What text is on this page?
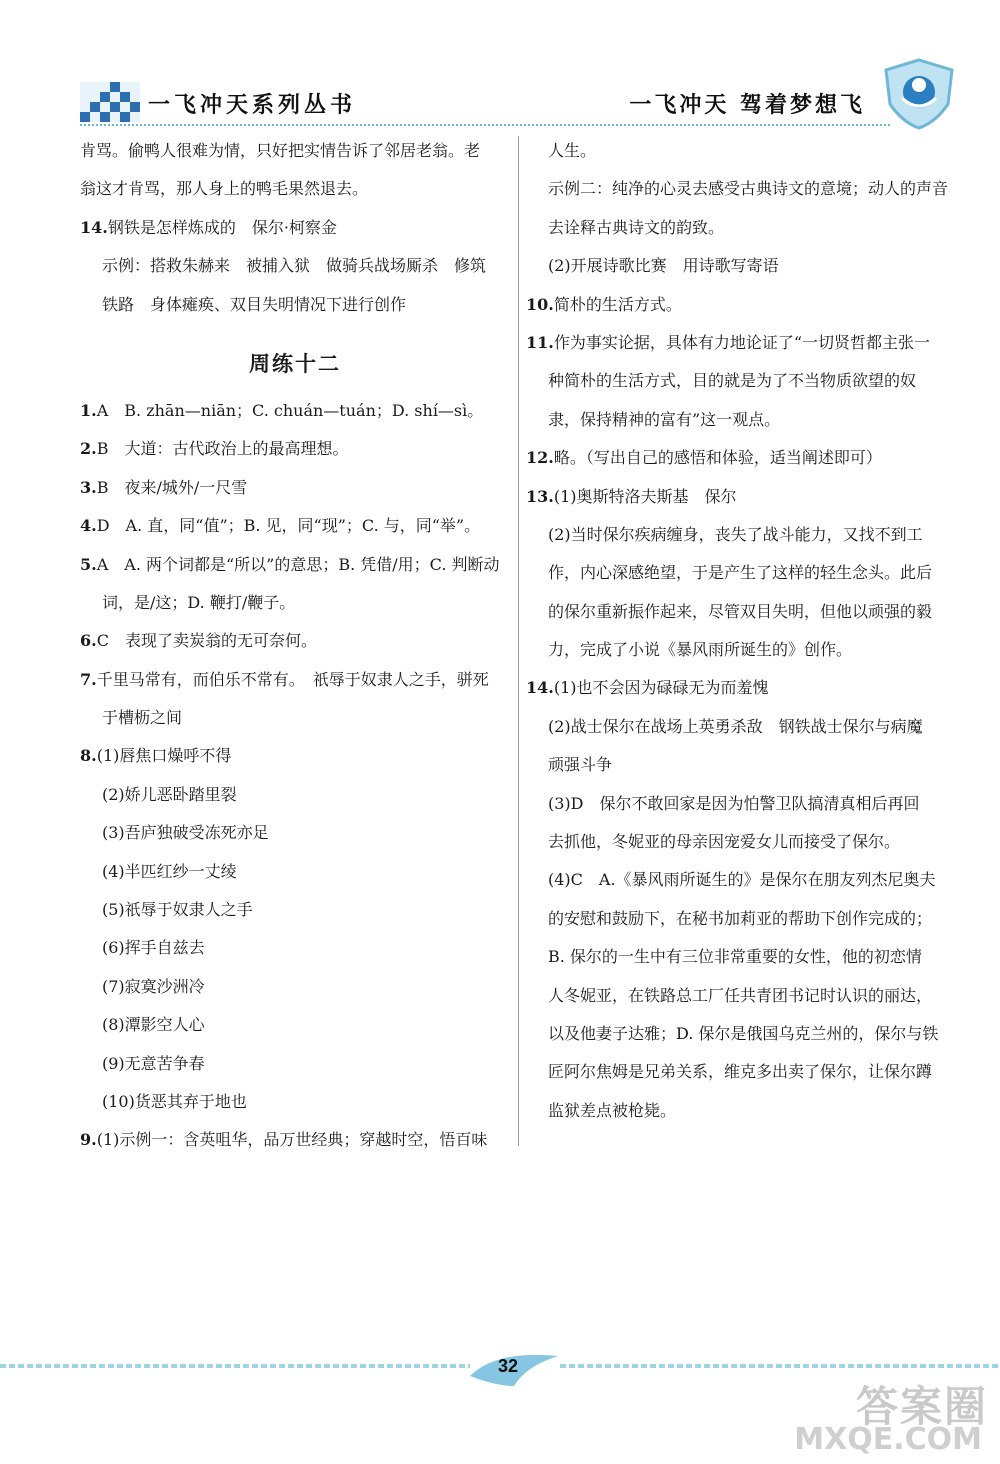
一飞冲天系列丛书	一飞冲天 驾着梦想飞
肯骂。偷鸭人很难为情，只好把实情告诉了邻居老翁。老
翁这才肯骂，那人身上的鸭毛果然退去。
14.钢铁是怎样炼成的　保尔·柯察金
示例：搭救朱赫来　被捕入狱　做骑兵战场厮杀　修筑
铁路　身体瘫痪、双目失明情况下进行创作
周练十二
1.A　B. zhān—niān；C. chuán—tuán；D. shí—sì。
2.B　大道：古代政治上的最高理想。
3.B　夜来/城外/一尺雪
4.D　A. 直，同“值”；B. 见，同“现”；C. 与，同“举”。
5.A　A. 两个词都是“所以”的意思；B. 凭借/用；C. 判断动
词，是/这；D. 鞭打/鞭子。
6.C　表现了卖炭翁的无可奈何。
7.千里马常有，而伯乐不常有。　祇辱于奴隶人之手，骈死
于槽枥之间
8.(1)唇焦口燥呼不得
(2)娇儿恶卧踏里裂
(3)吾庐独破受冻死亦足
(4)半匹红纱一丈绫
(5)祇辱于奴隶人之手
(6)挥手自兹去
(7)寂寞沙洲冷
(8)潭影空人心
(9)无意苦争春
(10)货恶其弃于地也
9.(1)示例一：含英咀华，品万世经典；穿越时空，悟百味
人生。
示例二：纯净的心灵去感受古典诗文的意境；动人的声音
去诠释古典诗文的韵致。
(2)开展诗歌比赛　用诗歌写寄语
10.简朴的生活方式。
11.作为事实论据，具体有力地论证了“一切贤哲都主张一
种简朴的生活方式，目的就是为了不当物质欲望的奴
隶，保持精神的富有”这一观点。
12.略。（写出自己的感悟和体验，适当阐述即可）
13.(1)奥斯特洛夫斯基　保尔
(2)当时保尔疾病缠身，丧失了战斗能力，又找不到工
作，内心深感绝望，于是产生了这样的轻生念头。此后
的保尔重新振作起来，尽管双目失明，但他以顽强的毅
力，完成了小说《暴风雨所诞生的》创作。
14.(1)也不会因为碌碌无为而羞愧
(2)战士保尔在战场上英勇杀敌　钢铁战士保尔与病魔
顽强斗争
(3)D　保尔不敢回家是因为怕警卫队搞清真相后再回
去抓他，冬妮亚的母亲因宠爱女儿而接受了保尔。
(4)C　A.《暴风雨所诞生的》是保尔在朋友列杰尼奥夫
的安慰和鼓励下，在秘书加莉亚的帮助下创作完成的；
B. 保尔的一生中有三位非常重要的女性，他的初恋情
人冬妮亚，在铁路总工厂任共青团书记时认识的丽达，
以及他妻子达雅；D. 保尔是俄国乌克兰州的，保尔与铁
匠阿尔焦姆是兄弟关系，维克多出卖了保尔，让保尔蹲
监狱差点被枪毙。
32
答案圈
MXQE.COM
